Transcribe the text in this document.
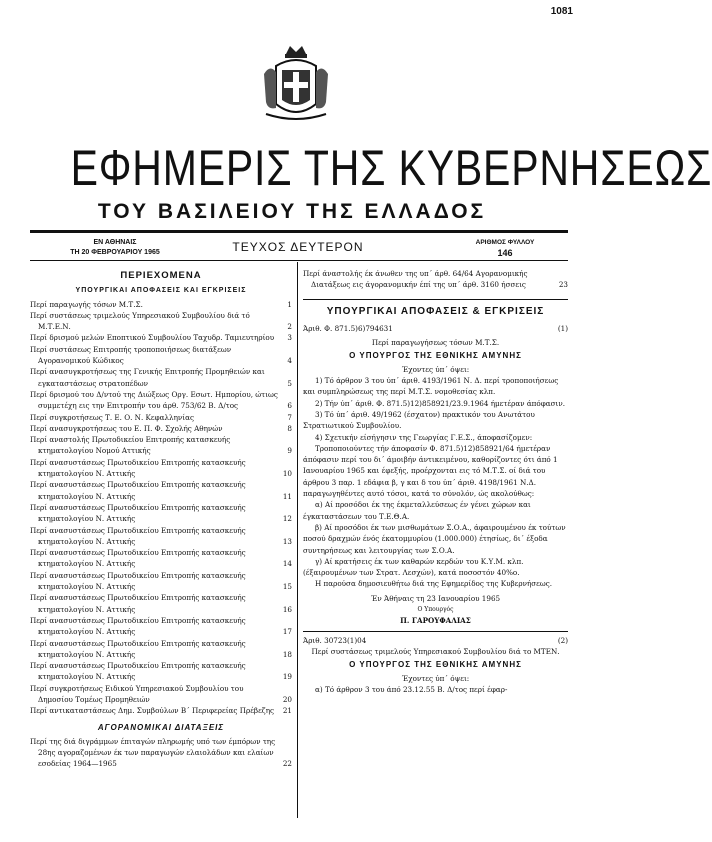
1081
ΕΦΗΜΕΡΙΣ ΤΗΣ ΚΥΒΕΡΝΗΣΕΩΣ
ΤΟΥ ΒΑΣΙΛΕΙΟΥ ΤΗΣ ΕΛΛΑΔΟΣ
ΕΝ ΑΘΗΝΑΙΣ
ΤΗ 20 ΦΕΒΡΟΥΑΡΙΟΥ 1965	ΤΕΥΧΟΣ ΔΕΥΤΕΡΟΝ	ΑΡΙΘΜΟΣ ΦΥΛΛΟΥ
146
ΠΕΡΙΕΧΟΜΕΝΑ
ΥΠΟΥΡΓΙΚΑΙ ΑΠΟΦΑΣΕΙΣ ΚΑΙ ΕΓΚΡΙΣΕΙΣ
Περί παραγωγής τόσων Μ.Τ.Σ.	1
Περί συστάσεως τριμελούς Υπηρεσιακού Συμβουλίου διά τό Μ.Τ.Ε.Ν.	2
Περί δρισμού μελών Εποπτικού Συμβουλίου Ταχυδρ. Ταμιευτηρίου	3
Περί συστάσεως Επιτροπής τροποποιήσεως διατάξεων Αγορανομικού Κώδικος	4
Περί ανασυγκροτήσεως της Γενικής Επιτροπής Προμηθειών και εγκαταστάσεως στρατοπέδων	5
Περί δρισμού του Δ/ντού της Διώξεως Οργ. Εσωτ. Ημπορίου, ώτιως συμμετέχη εις την Επιτροπήν του άρθ. 753/62 Β. Δ/τος	6
Περί συγκροτήσεως Τ. Ε. Ο. Ν. Κεφαλληνίας	7
Περί ανασυγκροτήσεως του Ε. Π. Φ. Σχολής Αθηνών	8
Περί αναστολής Πρωτοδικείου Επιτροπής κατασκευής κτηματολογίου Νομού Αττικής	9
Περί ανασυστάσεως Πρωτοδικείου Επιτροπής κατασκευής κτηματολογίου Ν. Αττικής	10
Περί ανασυστάσεως Πρωτοδικείου Επιτροπής κατασκευής κτηματολογίου Ν. Αττικής	11
Περί ανασυστάσεως Πρωτοδικείου Επιτροπής κατασκευής κτηματολογίου Ν. Αττικής	12
Περί ανασυστάσεως Πρωτοδικείου Επιτροπής κατασκευής κτηματολογίου Ν. Αττικής	13
Περί ανασυστάσεως Πρωτοδικείου Επιτροπής κατασκευής κτηματολογίου Ν. Αττικής	14
Περί ανασυστάσεως Πρωτοδικείου Επιτροπής κατασκευής κτηματολογίου Ν. Αττικής	15
Περί ανασυστάσεως Πρωτοδικείου Επιτροπής κατασκευής κτηματολογίου Ν. Αττικής	16
Περί ανασυστάσεως Πρωτοδικείου Επιτροπής κατασκευής κτηματολογίου Ν. Αττικής	17
Περί ανασυστάσεως Πρωτοδικείου Επιτροπής κατασκευής κτηματολογίου Ν. Αττικής	18
Περί ανασυστάσεως Πρωτοδικείου Επιτροπής κατασκευής κτηματολογίου Ν. Αττικής	19
Περί συγκροτήσεως Ειδικού Υπηρεσιακού Συμβουλίου του Δημοσίου Τομέως Προμηθειών	20
Περί αντικαταστάσεως Δημ. Συμβούλων Β΄ Περιφερείας Πρέβεζης	21
ΑΓΟΡΑΝΟΜΙΚΑΙ ΔΙΑΤΑΞΕΙΣ
Περί της διά διγράμμων έπιταγών πληρωμής υπό των έμπόρων της 28ης αγοραζομένων έκ των παραγωγών ελαιολάδων και ελαίων εσοδείας 1964—1965	22
Περί άναστολής έκ άνωθεν της υπ΄ άρθ. 64/64 Αγορανομικής Διατάξεως εις άγορανομικήν έπί της υπ΄ άρθ. 3160 ήσσεις	23
ΥΠΟΥΡΓΙΚΑΙ ΑΠΟΦΑΣΕΙΣ & ΕΓΚΡΙΣΕΙΣ
Άριθ. Φ. 871.5)6)794631	(1)
Περί παραγωγήσεως τόσων Μ.Τ.Σ.
Ο ΥΠΟΥΡΓΟΣ ΤΗΣ ΕΘΝΙΚΗΣ ΑΜΥΝΗΣ
Έχοντες ύπ΄ όψει:
1) Τό άρθρον 3 του ύπ΄ άριθ. 4193/1961 Ν. Δ. περί τροποποιήσεως και συμπληρώσεως της περί Μ.Τ.Σ. νομοθεσίας κλπ.
2) Τήν ύπ΄ άριθ. Φ. 871.5)12)858921/23.9.1964 ήμετέραν άπόφασιν.
3) Τό ύπ΄ άριθ. 49/1962 (έσχατον) πρακτικόν του Ανωτάτου Στρατιωτικού Συμβουλίου.
4) Σχετικήν είσήγησιν της Γεωργίας Γ.Ε.Σ., άποφασίζομεν:
Τροποποιούντες τήν άποφασίν Φ. 871.5)12)858921/64 ήμετέραν άπόφασιν περί του δι΄ άμοιβήν άντικειμένου, καθορίζοντες ότι άπό 1 Ιανουαρίου 1965 και έφεξής, προέρχονται εις τό Μ.Τ.Σ. οί διά του άρθρου 3 παρ. 1 εδάφια β, γ και δ του ύπ΄ άριθ. 4198/1961 Ν.Δ. παραγωγηθέντες αυτό τόσοι, κατά το σύνολόν, ώς ακολούθως:
α) Αί προσόδοι έκ της έκμεταλλεύσεως έν γένει χώρων και έγκαταστάσεων του Τ.Ε.Θ.Α.
β) Αί προσόδοι έκ των μισθωμάτων Σ.Ο.Α., άφαιρουμένου έκ τούτων ποσού δραχμών ένός έκατομμυρίου (1.000.000) έτησίως, δι΄ έξοδα συντηρήσεως και λειτουργίας των Σ.Ο.Α.
γ) Αί κρατήσεις έκ των καθαρών κερδών του Κ.Υ.Μ. κλπ. (έξαιρουμένων των Στρατ. Λεσχών), κατά ποσοστόν 40%ο.
Η παρούσα δημοσιευθήτω διά της Εφημερίδος της Κυβερνήσεως.
Έν Άθήναις τη 23 Ιανουαρίου 1965
Ο Υπουργός
Π. ΓΑΡΟΥΦΑΛΙΑΣ
Άριθ. 30723(1)04	(2)
Περί συστάσεως τριμελούς Υπηρεσιακού Συμβουλίου διά το ΜΤΕΝ.
Ο ΥΠΟΥΡΓΟΣ ΤΗΣ ΕΘΝΙΚΗΣ ΑΜΥΝΗΣ
Έχοντες ύπ΄ όψει:
α) Τό άρθρον 3 του άπό 23.12.55 Β. Δ/τος περί έφαρ-
